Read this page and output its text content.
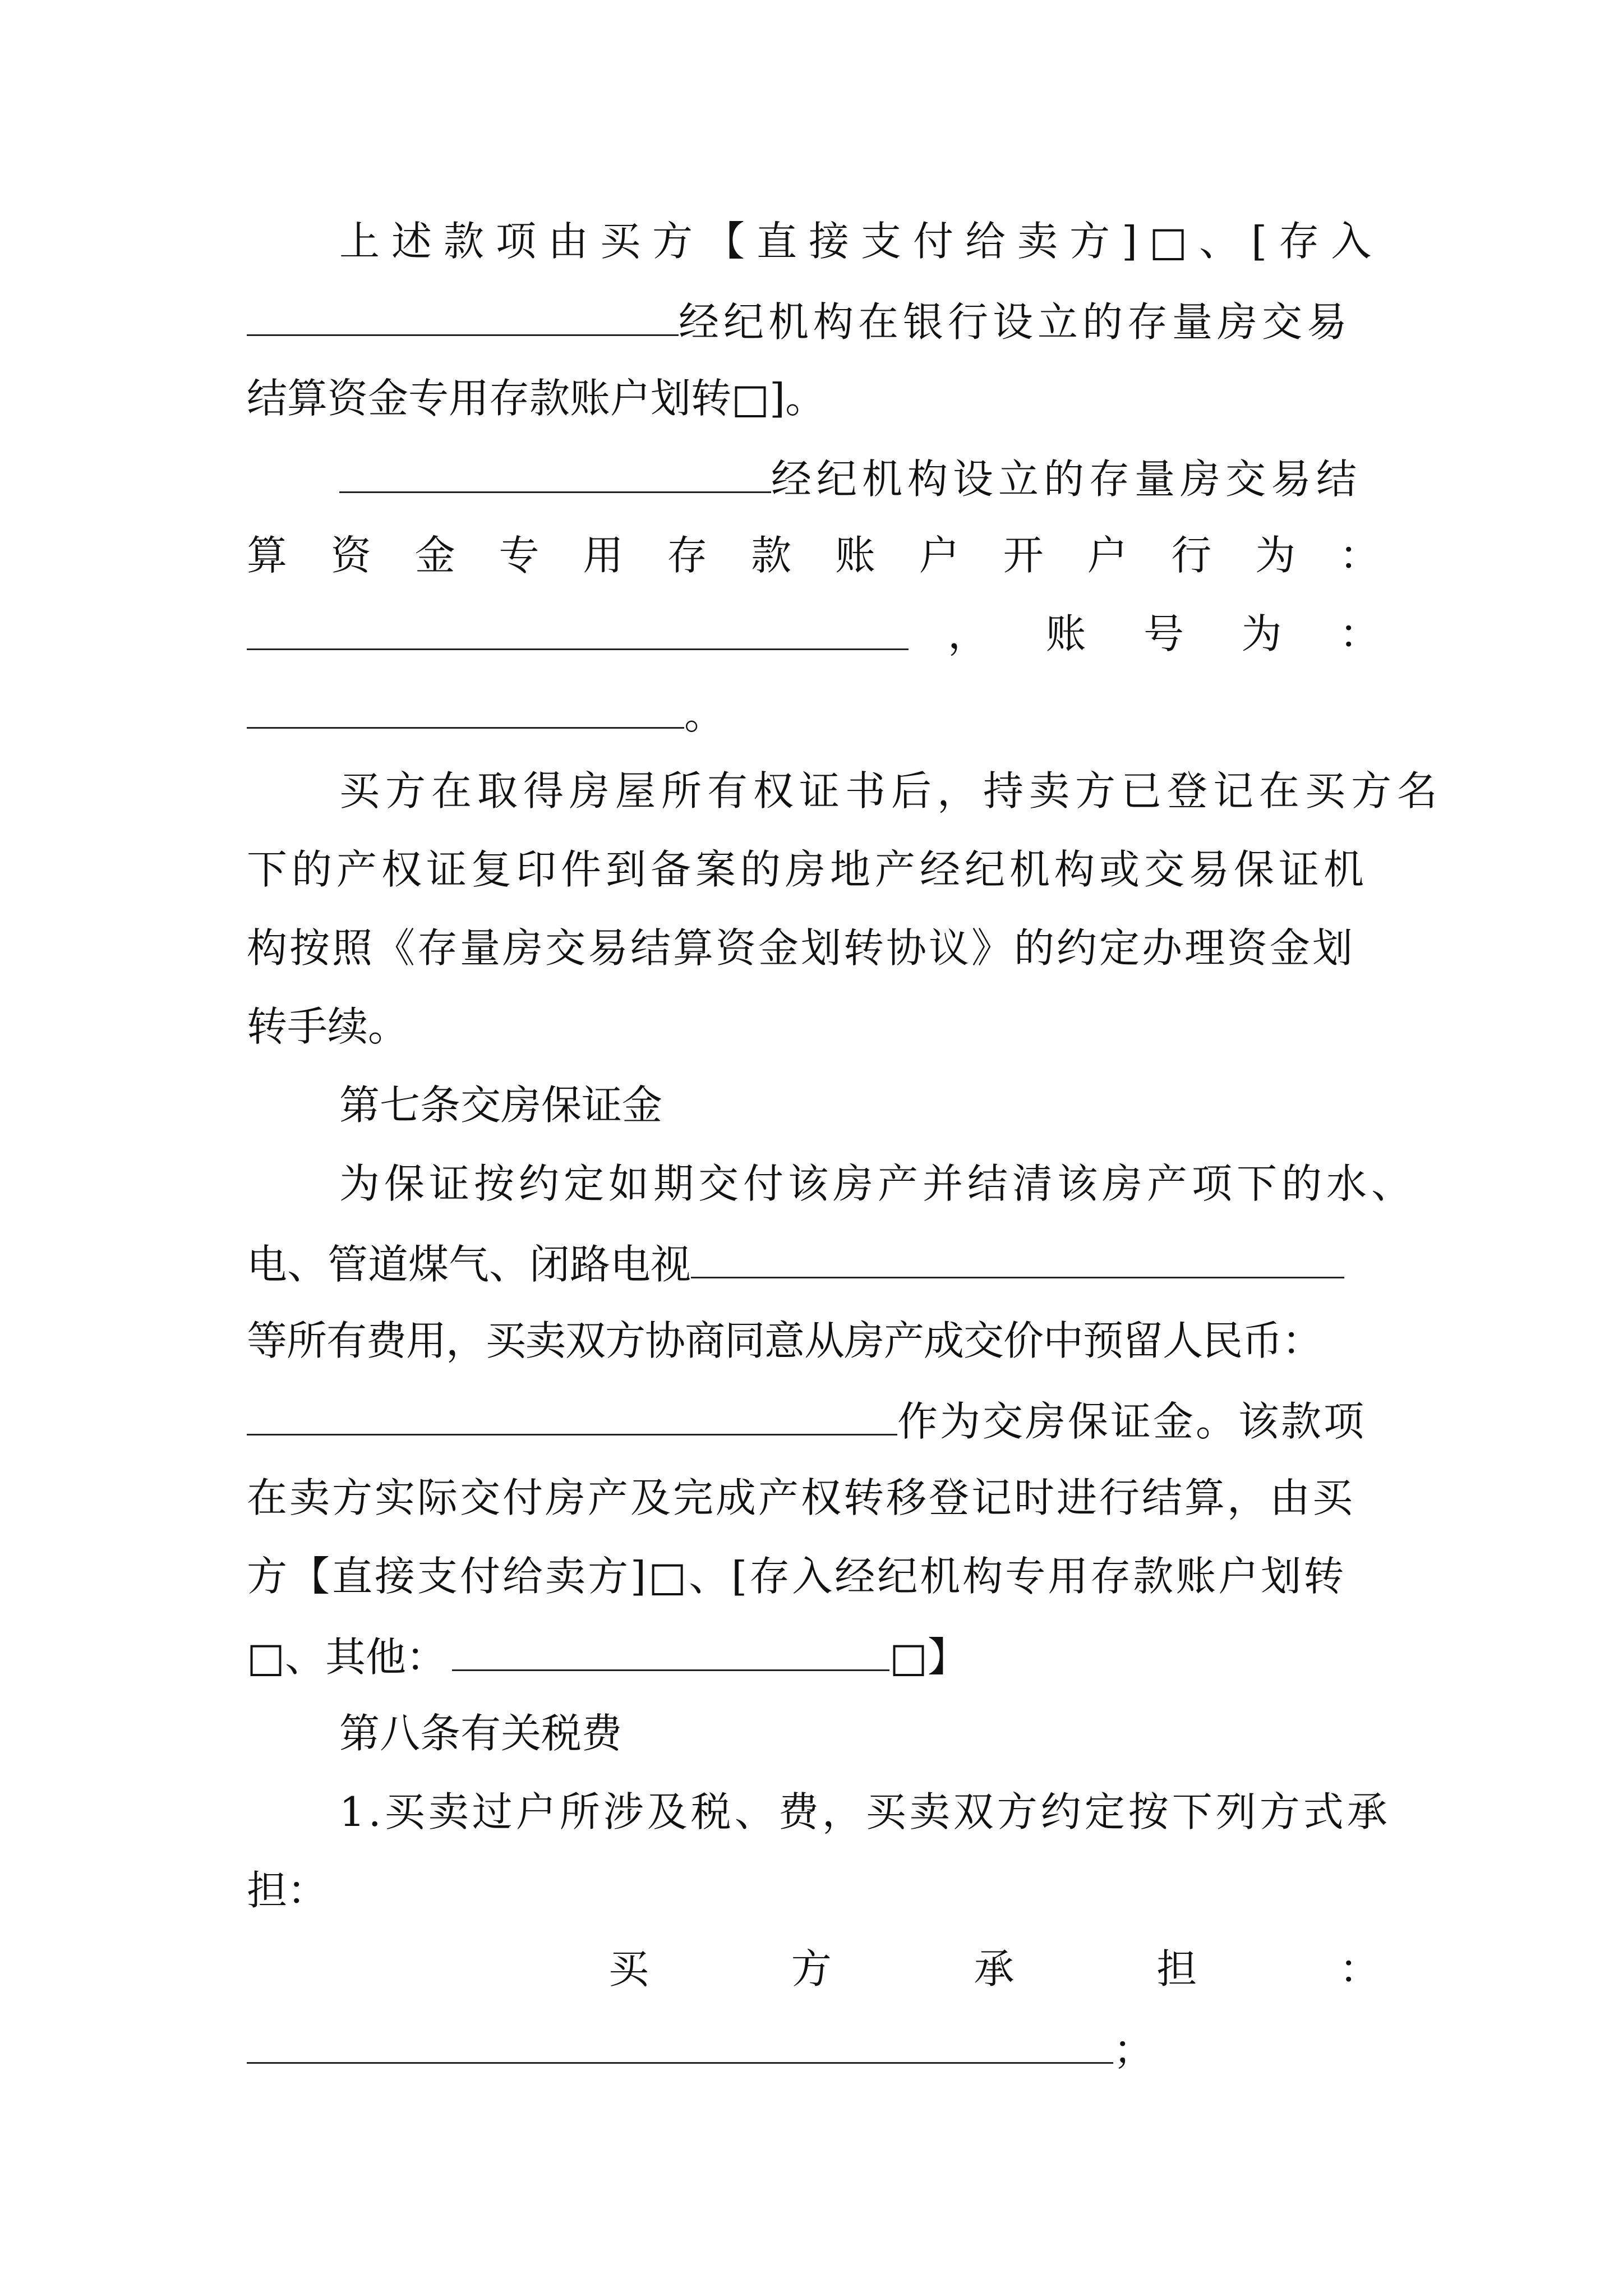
上述款项由买方【直接支付给卖方]□、[存入
经纪机构在银行设立的存量房交易
结算资金专用存款账户划转□]。
经纪机构设立的存量房交易结
算 资 金 专 用 存 款 账 户 开 户 行 为 ：
， 账 号 为 ：
。
买方在取得房屋所有权证书后，持卖方已登记在买方名
下的产权证复印件到备案的房地产经纪机构或交易保证机
构按照《存量房交易结算资金划转协议》的约定办理资金划
转手续。
第七条交房保证金
为保证按约定如期交付该房产并结清该房产项下的水、
电、管道煤气、闭路电视
等所有费用，买卖双方协商同意从房产成交价中预留人民币：
作为交房保证金。该款项
在卖方实际交付房产及完成产权转移登记时进行结算，由买
方【直接支付给卖方]□、[存入经纪机构专用存款账户划转
□、其他：	□】
第八条有关税费
1.买卖过户所涉及税、费，买卖双方约定按下列方式承
担：
买	方	承	担	：
；
